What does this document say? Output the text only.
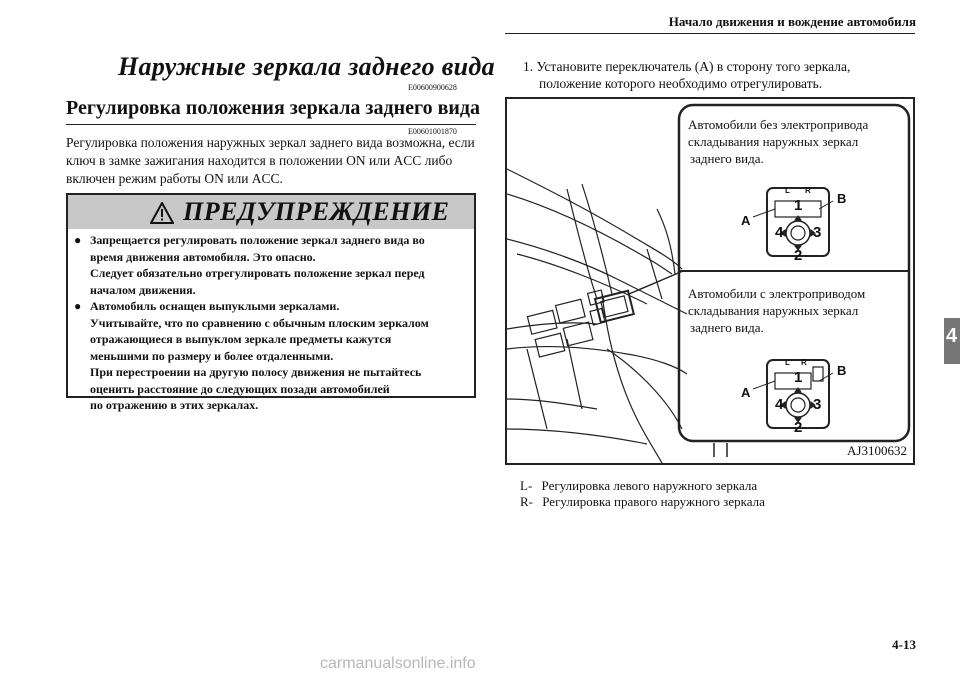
Начало движения и вождение автомобиля
Наружные зеркала заднего вида
E00600900628
Регулировка положения зеркала заднего вида
E00601001870
Регулировка положения наружных зеркал заднего вида возможна, если ключ в замке зажигания находится в положении ON или ACC либо включен режим работы ON или ACC.
ПРЕДУПРЕЖДЕНИЕ
● Запрещается регулировать положение зеркал заднего вида во
время движения автомобиля. Это опасно.
Следует обязательно отрегулировать положение зеркал перед
началом движения.
● Автомобиль оснащен выпуклыми зеркалами.
Учитывайте, что по сравнению с обычным плоским зеркалом
отражающиеся в выпуклом зеркале предметы кажутся
меньшими по размеру и более отдаленными.
При перестроении на другую полосу движения не пытайтесь
оценить расстояние до следующих позади автомобилей
по отражению в этих зеркалах.
1. Установите переключатель (A) в сторону того зеркала,
положение которого необходимо отрегулировать.
Автомобили без электропривода
складывания наружных зеркал
заднего вида.
Автомобили с электроприводом
складывания наружных зеркал
заднего вида.
L R
1
4 3
2
A
B
L R
1
4 3
2
A
B
AJ3100632
L- Регулировка левого наружного зеркала
R- Регулировка правого наружного зеркала
4
4-13
carmanualsonline.info
